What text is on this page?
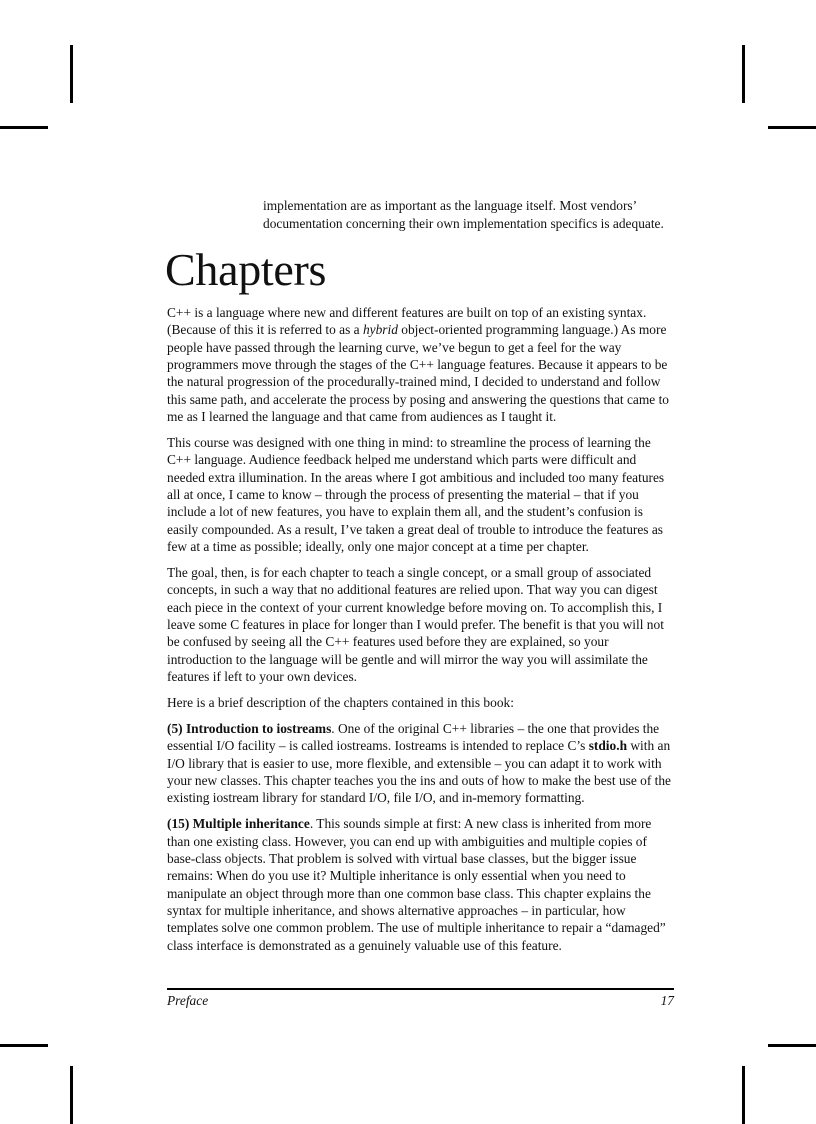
implementation are as important as the language itself. Most vendors’

documentation concerning their own implementation specifics is adequate.

Chapters

C++ is a language where new and different features are built on top of an existing syntax. (Because of this it is referred to as a hybrid object-oriented programming language.) As more people have passed through the learning curve, we’ve begun to get a feel for the way programmers move through the stages of the C++ language features. Because it appears to be the natural progression of the procedurally-trained mind, I decided to understand and follow this same path, and accelerate the process by posing and answering the questions that came to me as I learned the language and that came from audiences as I taught it.

This course was designed with one thing in mind: to streamline the process of learning the C++ language. Audience feedback helped me understand which parts were difficult and needed extra illumination. In the areas where I got ambitious and included too many features all at once, I came to know – through the process of presenting the material – that if you include a lot of new features, you have to explain them all, and the student’s confusion is easily compounded. As a result, I’ve taken a great deal of trouble to introduce the features as few at a time as possible; ideally, only one major concept at a time per chapter.

The goal, then, is for each chapter to teach a single concept, or a small group of associated concepts, in such a way that no additional features are relied upon. That way you can digest each piece in the context of your current knowledge before moving on. To accomplish this, I leave some C features in place for longer than I would prefer. The benefit is that you will not be confused by seeing all the C++ features used before they are explained, so your introduction to the language will be gentle and will mirror the way you will assimilate the features if left to your own devices.

Here is a brief description of the chapters contained in this book:

(5) Introduction to iostreams. One of the original C++ libraries – the one that provides the essential I/O facility – is called iostreams. Iostreams is intended to replace C’s stdio.h with an I/O library that is easier to use, more flexible, and extensible – you can adapt it to work with your new classes. This chapter teaches you the ins and outs of how to make the best use of the existing iostream library for standard I/O, file I/O, and in-memory formatting.

(15) Multiple inheritance. This sounds simple at first: A new class is inherited from more than one existing class. However, you can end up with ambiguities and multiple copies of base-class objects. That problem is solved with virtual base classes, but the bigger issue remains: When do you use it? Multiple inheritance is only essential when you need to manipulate an object through more than one common base class. This chapter explains the syntax for multiple inheritance, and shows alternative approaches – in particular, how templates solve one common problem. The use of multiple inheritance to repair a “damaged” class interface is demonstrated as a genuinely valuable use of this feature.

Preface	17
